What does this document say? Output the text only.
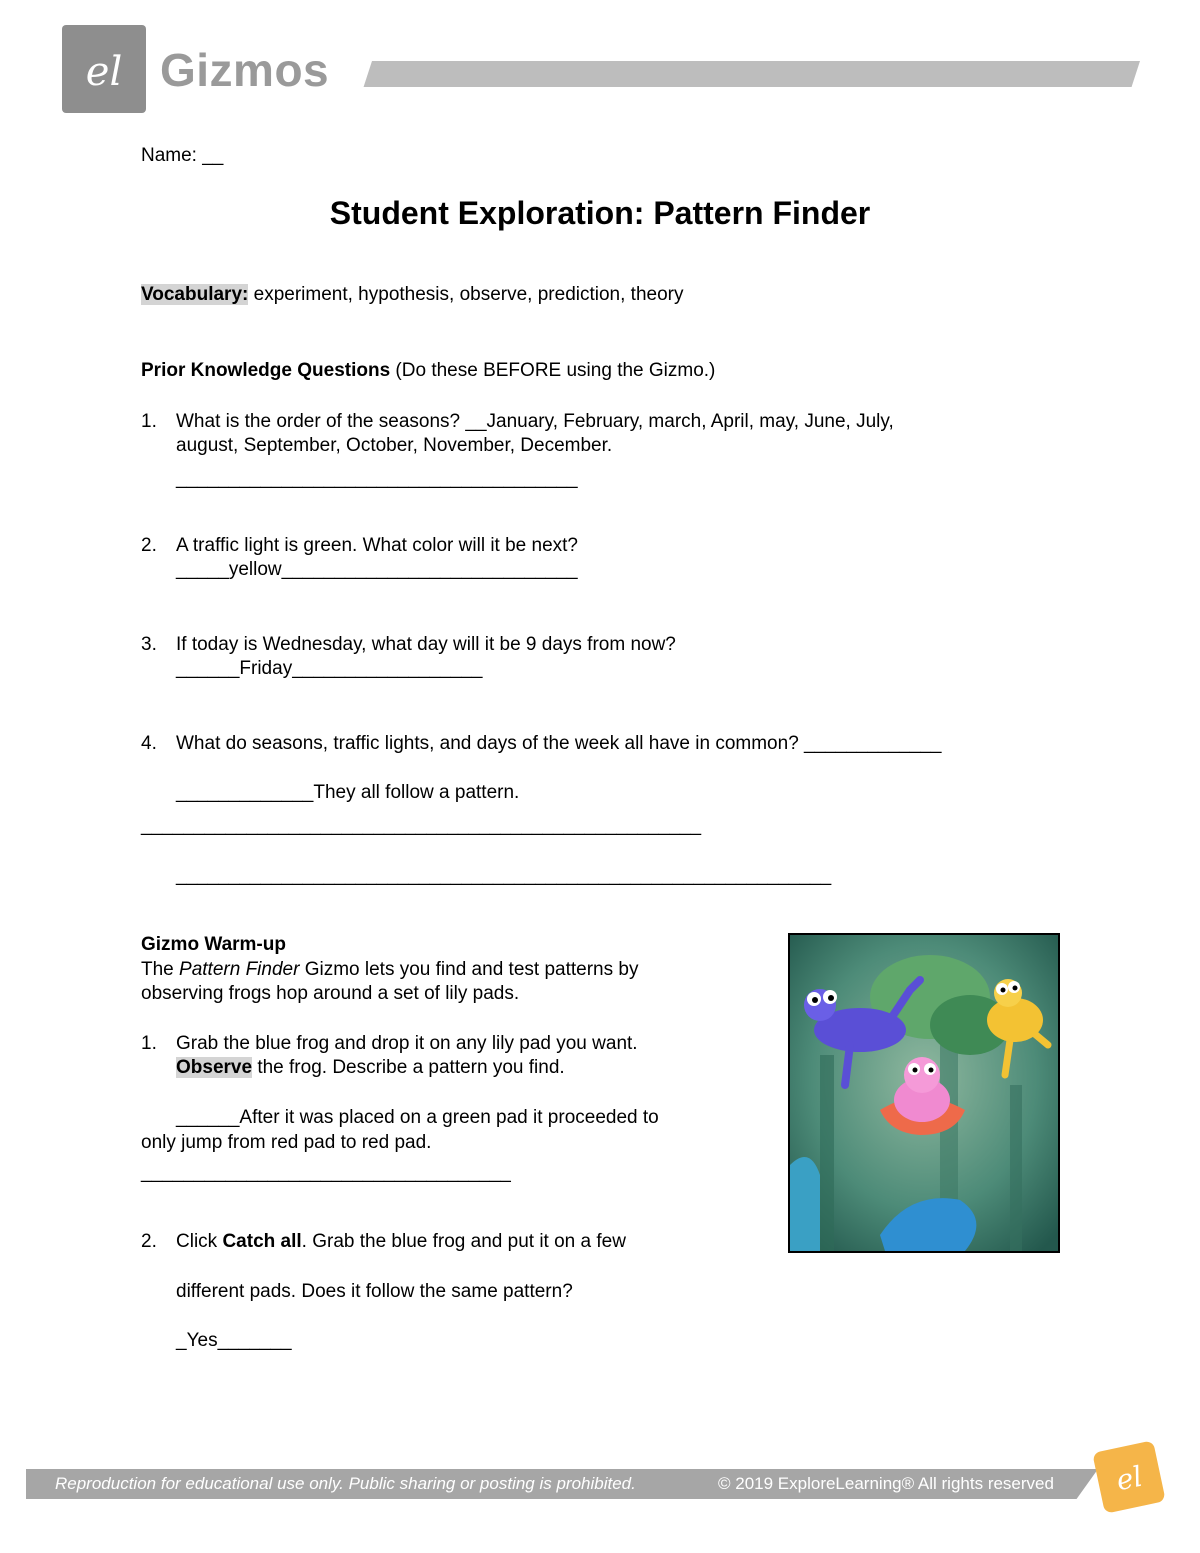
el Gizmos
Name: __
Student Exploration: Pattern Finder
Vocabulary: experiment, hypothesis, observe, prediction, theory
Prior Knowledge Questions (Do these BEFORE using the Gizmo.)
1.	What is the order of the seasons? __January, February, march, April, may, June, July,
august, September, October, November, December.
______________________________________
2.	A traffic light is green. What color will it be next?
_____yellow____________________________
3.	If today is Wednesday, what day will it be 9 days from now?
______Friday__________________
4.	What do seasons, traffic lights, and days of the week all have in common? _____________
_____________They all follow a pattern.
_____________________________________________________
______________________________________________________________
Gizmo Warm-up
The Pattern Finder Gizmo lets you find and test patterns by
observing frogs hop around a set of lily pads.
1.	Grab the blue frog and drop it on any lily pad you want.
Observe the frog. Describe a pattern you find.
______After it was placed on a green pad it proceeded to
only jump from red pad to red pad.
___________________________________
2.	Click Catch all. Grab the blue frog and put it on a few
different pads. Does it follow the same pattern?
_Yes_______
Reproduction for educational use only. Public sharing or posting is prohibited.	© 2019 ExploreLearning® All rights reserved el
